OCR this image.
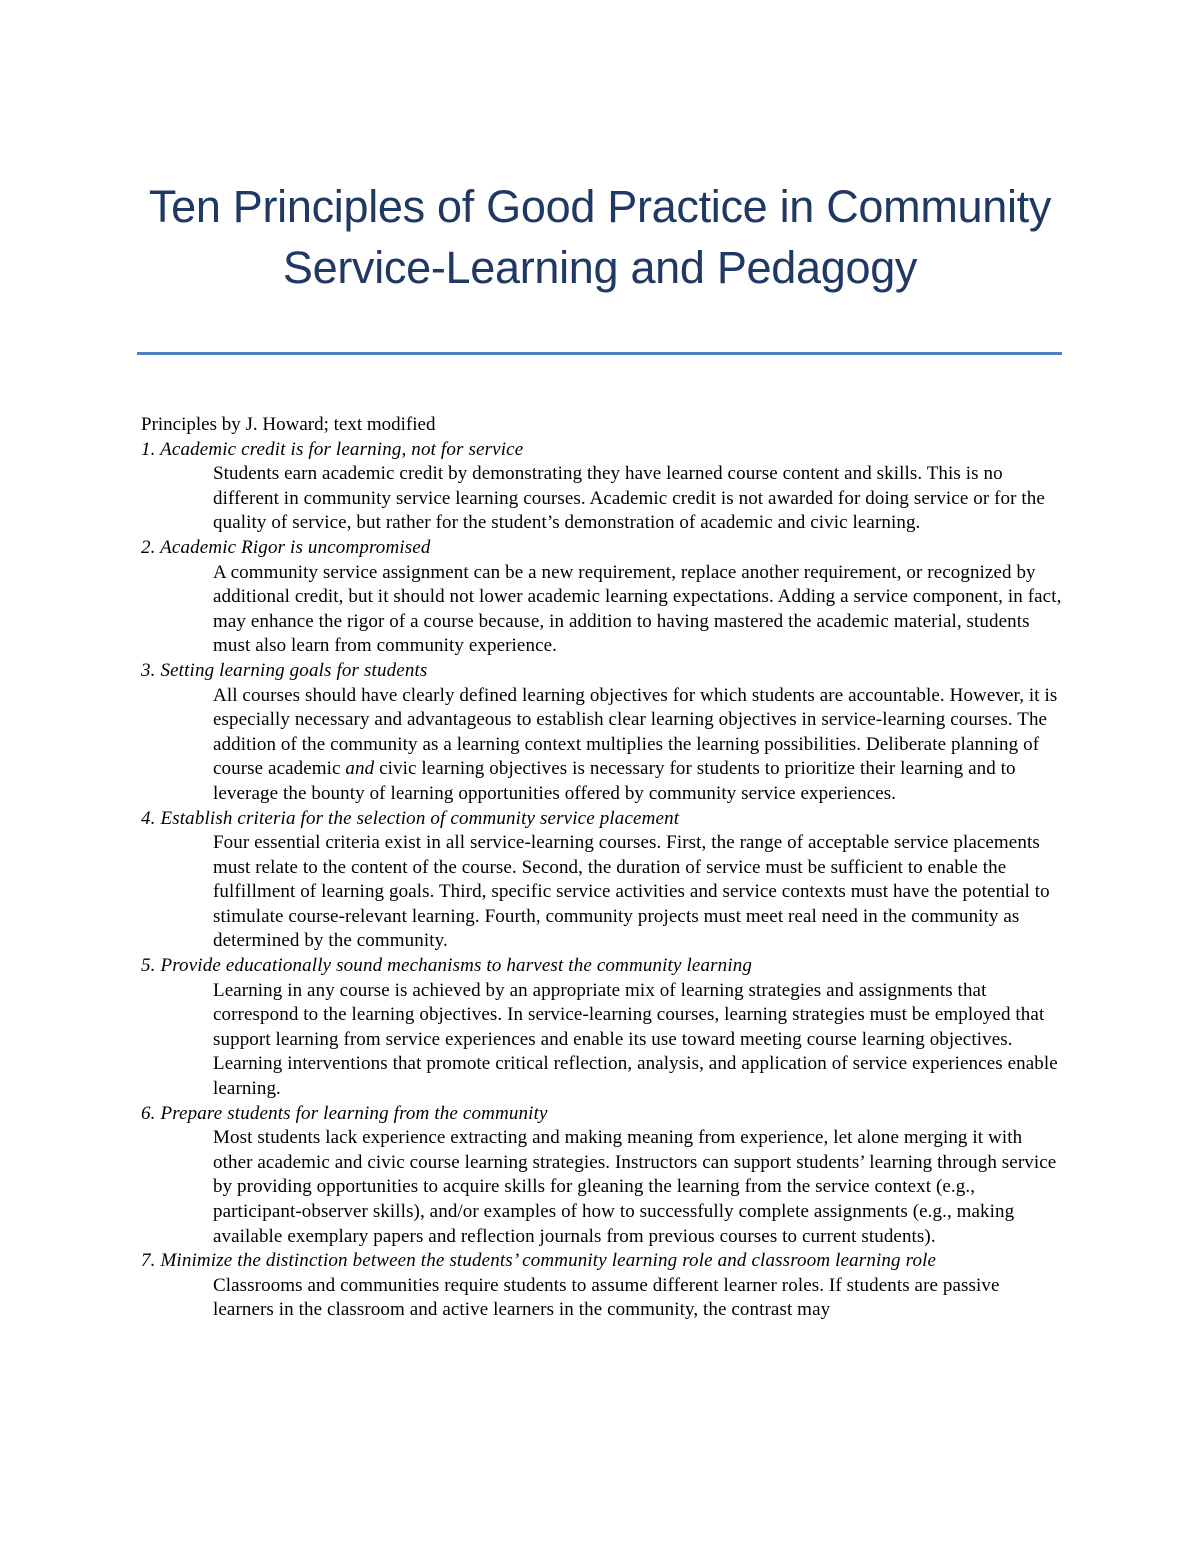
Ten Principles of Good Practice in Community Service-Learning and Pedagogy

Principles by J. Howard; text modified

1. Academic credit is for learning, not for service

Students earn academic credit by demonstrating they have learned course content and skills. This is no different in community service learning courses. Academic credit is not awarded for doing service or for the quality of service, but rather for the student’s demonstration of academic and civic learning.

2. Academic Rigor is uncompromised

A community service assignment can be a new requirement, replace another requirement, or recognized by additional credit, but it should not lower academic learning expectations. Adding a service component, in fact, may enhance the rigor of a course because, in addition to having mastered the academic material, students must also learn from community experience.

3. Setting learning goals for students

All courses should have clearly defined learning objectives for which students are accountable. However, it is especially necessary and advantageous to establish clear learning objectives in service-learning courses. The addition of the community as a learning context multiplies the learning possibilities. Deliberate planning of course academic and civic learning objectives is necessary for students to prioritize their learning and to leverage the bounty of learning opportunities offered by community service experiences.

4. Establish criteria for the selection of community service placement

Four essential criteria exist in all service-learning courses. First, the range of acceptable service placements must relate to the content of the course. Second, the duration of service must be sufficient to enable the fulfillment of learning goals. Third, specific service activities and service contexts must have the potential to stimulate course-relevant learning. Fourth, community projects must meet real need in the community as determined by the community.

5. Provide educationally sound mechanisms to harvest the community learning

Learning in any course is achieved by an appropriate mix of learning strategies and assignments that correspond to the learning objectives. In service-learning courses, learning strategies must be employed that support learning from service experiences and enable its use toward meeting course learning objectives. Learning interventions that promote critical reflection, analysis, and application of service experiences enable learning.

6. Prepare students for learning from the community

Most students lack experience extracting and making meaning from experience, let alone merging it with other academic and civic course learning strategies. Instructors can support students’ learning through service by providing opportunities to acquire skills for gleaning the learning from the service context (e.g., participant-observer skills), and/or examples of how to successfully complete assignments (e.g., making available exemplary papers and reflection journals from previous courses to current students).

7. Minimize the distinction between the students’ community learning role and classroom learning role

Classrooms and communities require students to assume different learner roles. If students are passive learners in the classroom and active learners in the community, the contrast may
